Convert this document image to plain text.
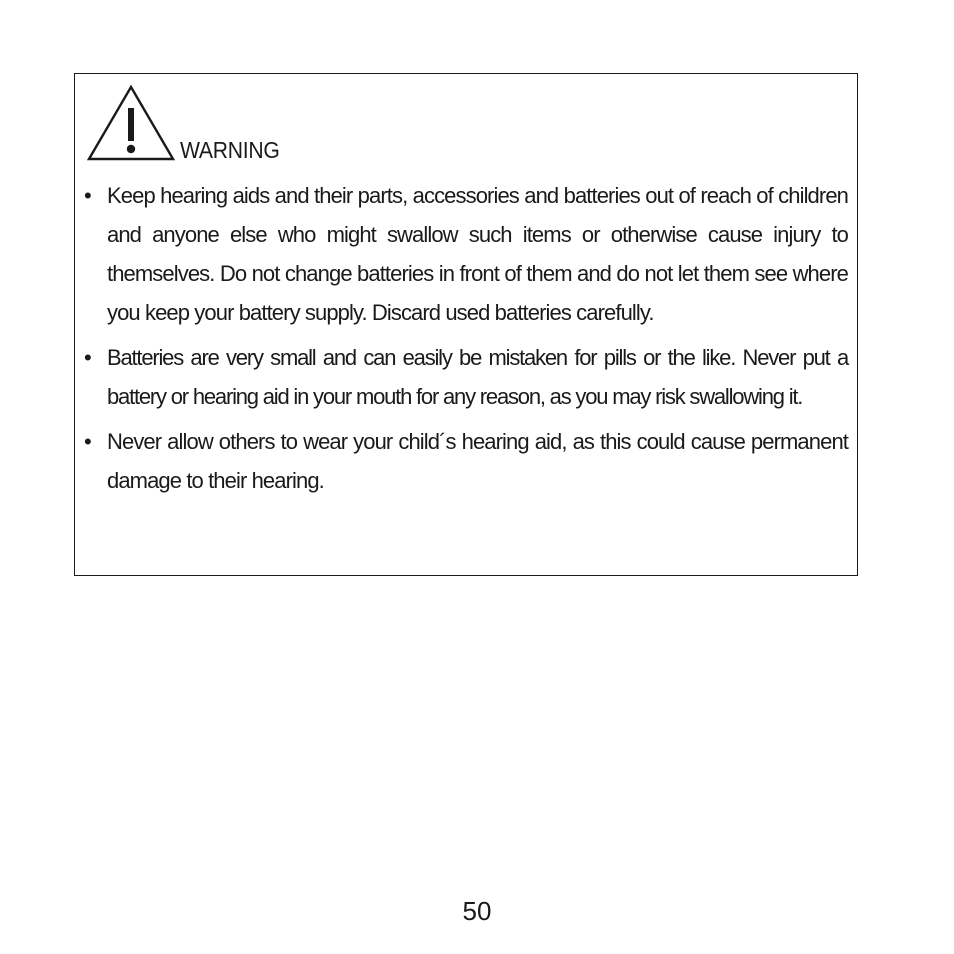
WARNING
• Keep hearing aids and their parts, accessories and batteries out of reach of children and anyone else who might swallow such items or otherwise cause injury to themselves. Do not change batteries in front of them and do not let them see where you keep your battery supply. Discard used batteries carefully.
• Batteries are very small and can easily be mistaken for pills or the like. Never put a battery or hearing aid in your mouth for any reason, as you may risk swallowing it.
• Never allow others to wear your child´s hearing aid, as this could cause permanent damage to their hearing.
50
